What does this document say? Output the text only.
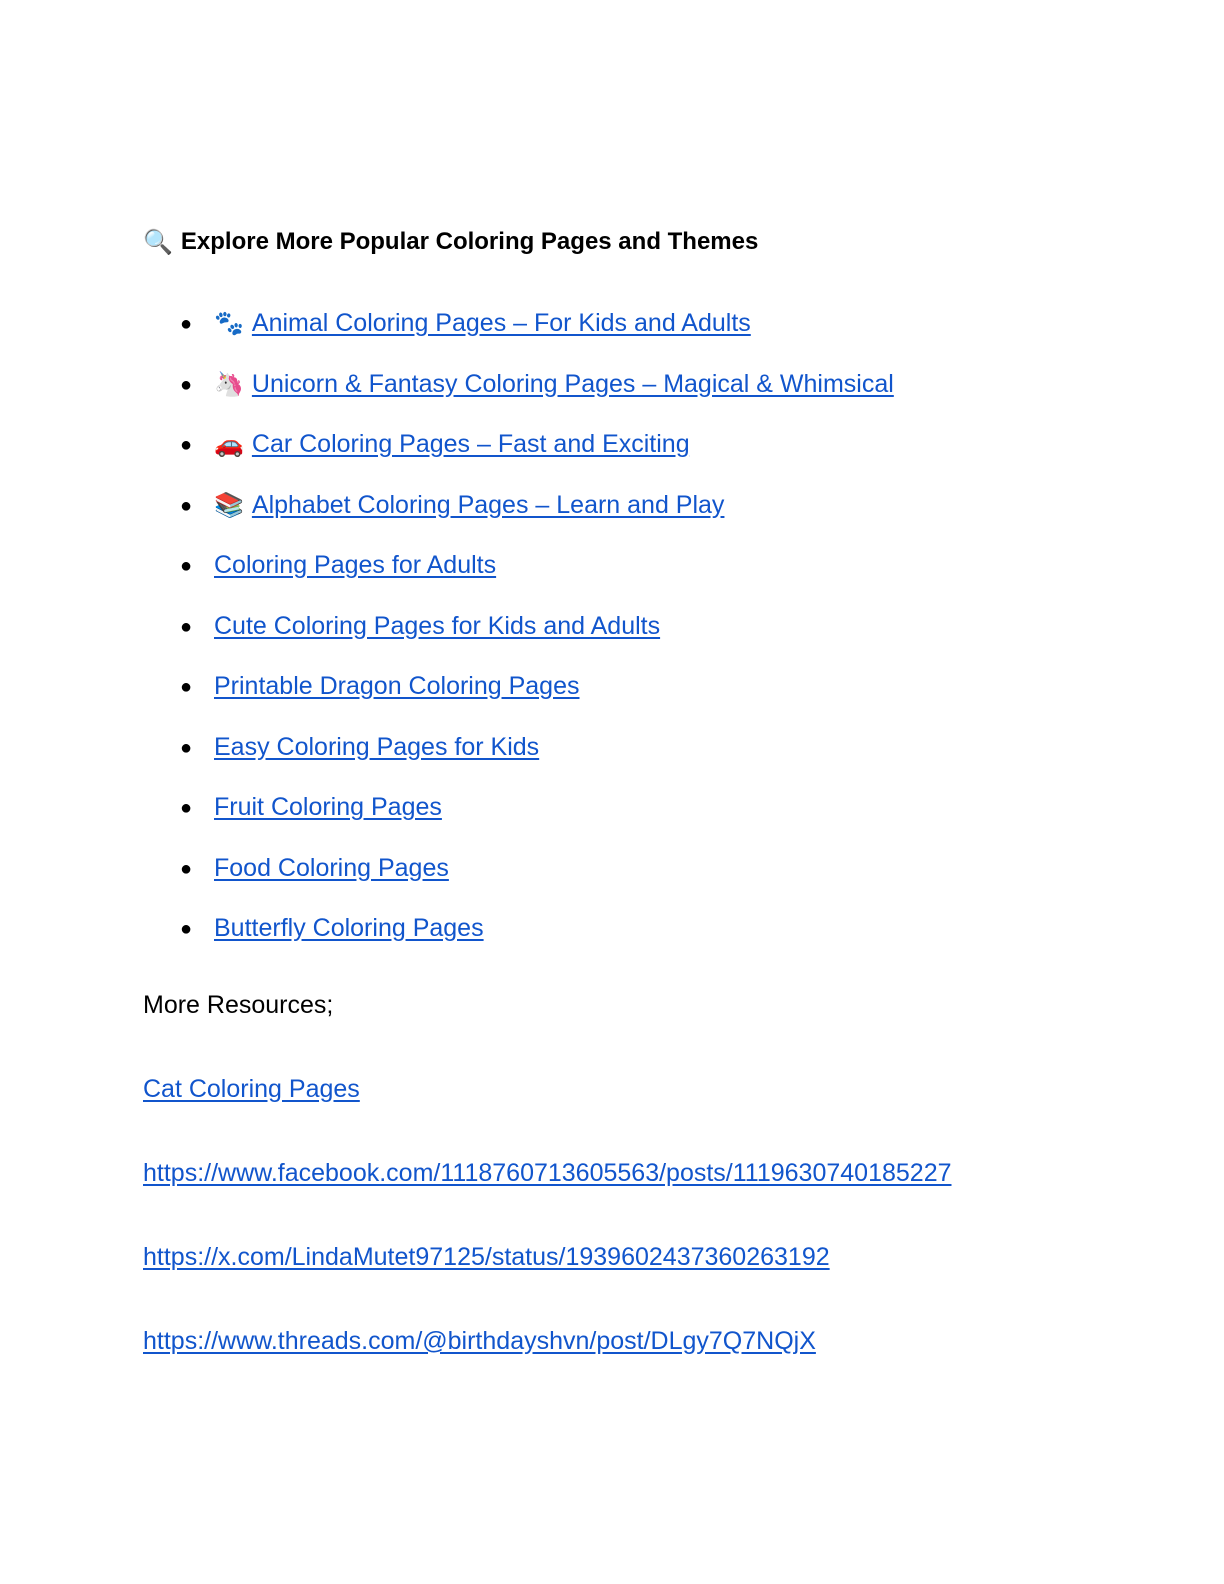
🔍 Explore More Popular Coloring Pages and Themes
● 🐾 Animal Coloring Pages – For Kids and Adults
● 🦄 Unicorn & Fantasy Coloring Pages – Magical & Whimsical
● 🚗 Car Coloring Pages – Fast and Exciting
● 📚 Alphabet Coloring Pages – Learn and Play
● Coloring Pages for Adults
● Cute Coloring Pages for Kids and Adults
● Printable Dragon Coloring Pages
● Easy Coloring Pages for Kids
● Fruit Coloring Pages
● Food Coloring Pages
● Butterfly Coloring Pages
More Resources;
Cat Coloring Pages
https://www.facebook.com/1118760713605563/posts/1119630740185227
https://x.com/LindaMutet97125/status/1939602437360263192
https://www.threads.com/@birthdayshvn/post/DLgy7Q7NQjX
